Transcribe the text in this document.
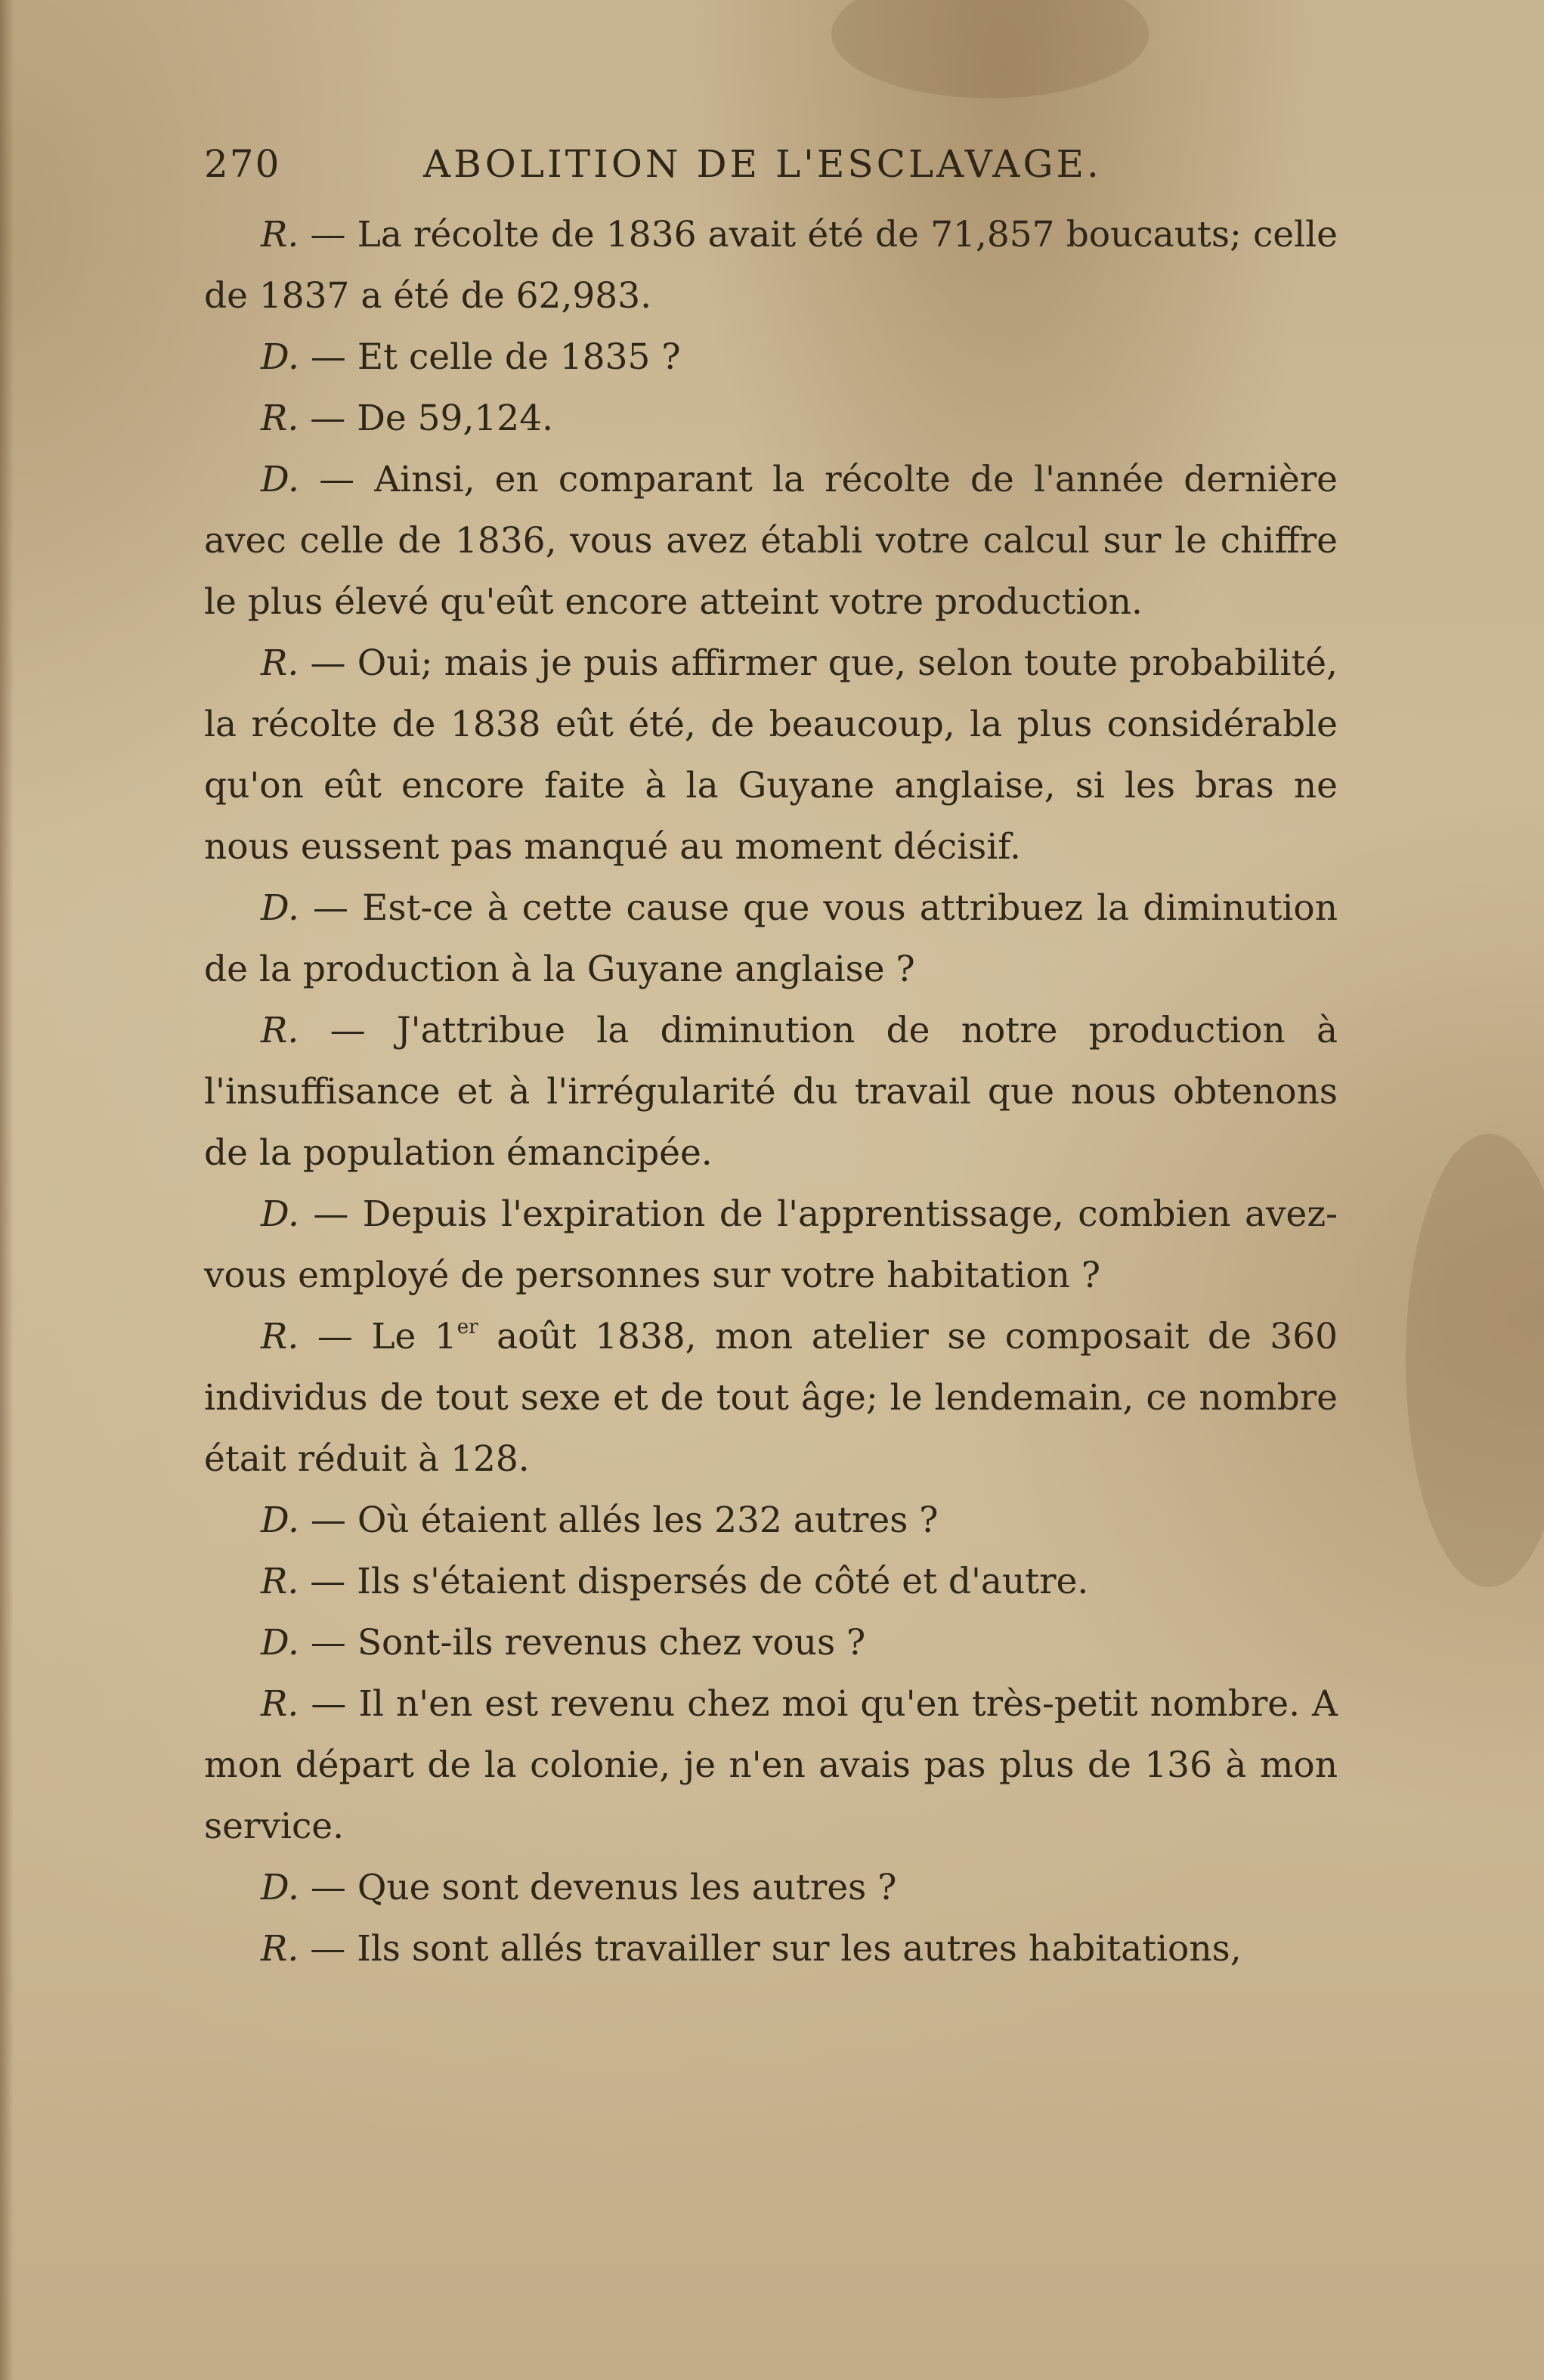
270	ABOLITION DE L'ESCLAVAGE.

R. — La récolte de 1836 avait été de 71,857 boucauts; celle de 1837 a été de 62,983.

D. — Et celle de 1835 ?

R. — De 59,124.

D. — Ainsi, en comparant la récolte de l'année dernière avec celle de 1836, vous avez établi votre calcul sur le chiffre le plus élevé qu'eût encore atteint votre production.

R. — Oui; mais je puis affirmer que, selon toute probabilité, la récolte de 1838 eût été, de beaucoup, la plus considérable qu'on eût encore faite à la Guyane anglaise, si les bras ne nous eussent pas manqué au moment décisif.

D. — Est-ce à cette cause que vous attribuez la diminution de la production à la Guyane anglaise ?

R. — J'attribue la diminution de notre production à l'insuffisance et à l'irrégularité du travail que nous obtenons de la population émancipée.

D. — Depuis l'expiration de l'apprentissage, combien avez-vous employé de personnes sur votre habitation ?

R. — Le 1er août 1838, mon atelier se composait de 360 individus de tout sexe et de tout âge; le lendemain, ce nombre était réduit à 128.

D. — Où étaient allés les 232 autres ?

R. — Ils s'étaient dispersés de côté et d'autre.

D. — Sont-ils revenus chez vous ?

R. — Il n'en est revenu chez moi qu'en très-petit nombre. A mon départ de la colonie, je n'en avais pas plus de 136 à mon service.

D. — Que sont devenus les autres ?

R. — Ils sont allés travailler sur les autres habitations,
